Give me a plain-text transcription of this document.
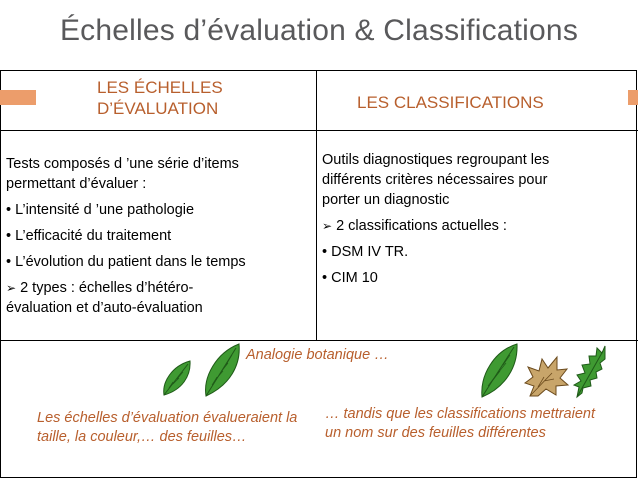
Échelles d’évaluation & Classifications
LES ÉCHELLES
D’ÉVALUATION	LES CLASSIFICATIONS
Tests composés d ’une série d’items
permettant d’évaluer :
• L’intensité d ’une pathologie
• L’efficacité du traitement
• L’évolution du patient dans le temps
➢ 2 types : échelles d’hétéro-
évaluation et d’auto-évaluation
Outils diagnostiques regroupant les
différents critères nécessaires pour
porter un diagnostic
➢ 2 classifications actuelles :
• DSM IV TR.
• CIM 10
Analogie botanique …
Les échelles d’évaluation évalueraient la taille, la couleur,… des feuilles…
… tandis que les classifications mettraient un nom sur des feuilles différentes
